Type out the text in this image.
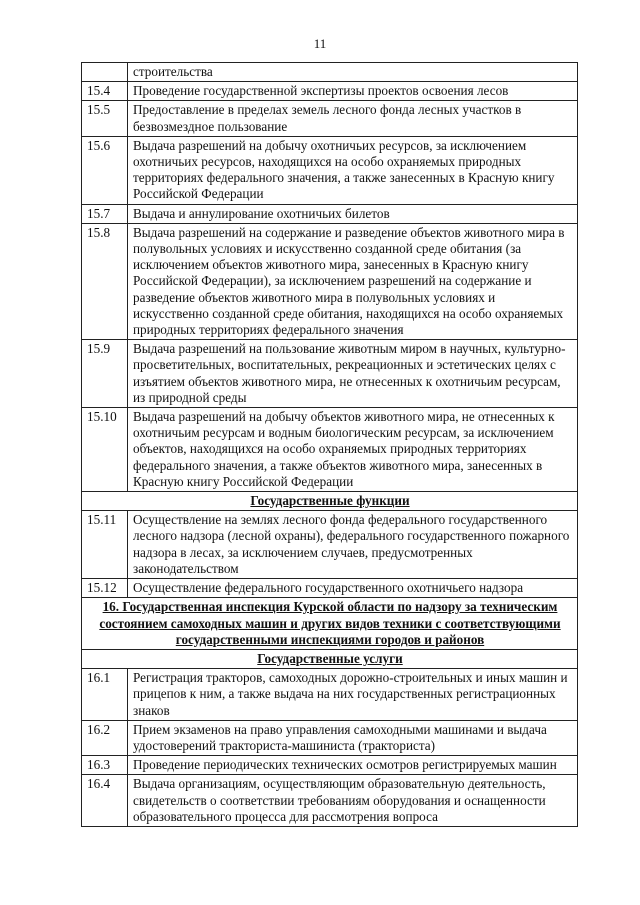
11
	строительства
15.4	Проведение государственной экспертизы проектов освоения лесов
15.5	Предоставление в пределах земель лесного фонда лесных участков в безвозмездное пользование
15.6	Выдача разрешений на добычу охотничьих ресурсов, за исключением охотничьих ресурсов, находящихся на особо охраняемых природных территориях федерального значения, а также занесенных в Красную книгу Российской Федерации
15.7	Выдача и аннулирование охотничьих билетов
15.8	Выдача разрешений на содержание и разведение объектов животного мира в полувольных условиях и искусственно созданной среде обитания (за исключением объектов животного мира, занесенных в Красную книгу Российской Федерации), за исключением разрешений на содержание и разведение объектов животного мира в полувольных условиях и искусственно созданной среде обитания, находящихся на особо охраняемых природных территориях федерального значения
15.9	Выдача разрешений на пользование животным миром в научных, культурно-просветительных, воспитательных, рекреационных и эстетических целях с изъятием объектов животного мира, не отнесенных к охотничьим ресурсам, из природной среды
15.10	Выдача разрешений на добычу объектов животного мира, не отнесенных к охотничьим ресурсам и водным биологическим ресурсам, за исключением объектов, находящихся на особо охраняемых природных территориях федерального значения, а также объектов животного мира, занесенных в Красную книгу Российской Федерации
Государственные функции	
15.11	Осуществление на землях лесного фонда федерального государственного лесного надзора (лесной охраны), федерального государственного пожарного надзора в лесах, за исключением случаев, предусмотренных законодательством
15.12	Осуществление федерального государственного охотничьего надзора
16. Государственная инспекция Курской области по надзору за техническим состоянием самоходных машин и других видов техники с соответствующими государственными инспекциями городов и районов	
Государственные услуги	
16.1	Регистрация тракторов, самоходных дорожно-строительных и иных машин и прицепов к ним, а также выдача на них государственных регистрационных знаков
16.2	Прием экзаменов на право управления самоходными машинами и выдача удостоверений тракториста-машиниста (тракториста)
16.3	Проведение периодических технических осмотров регистрируемых машин
16.4	Выдача организациям, осуществляющим образовательную деятельность, свидетельств о соответствии требованиям оборудования и оснащенности образовательного процесса для рассмотрения вопроса
